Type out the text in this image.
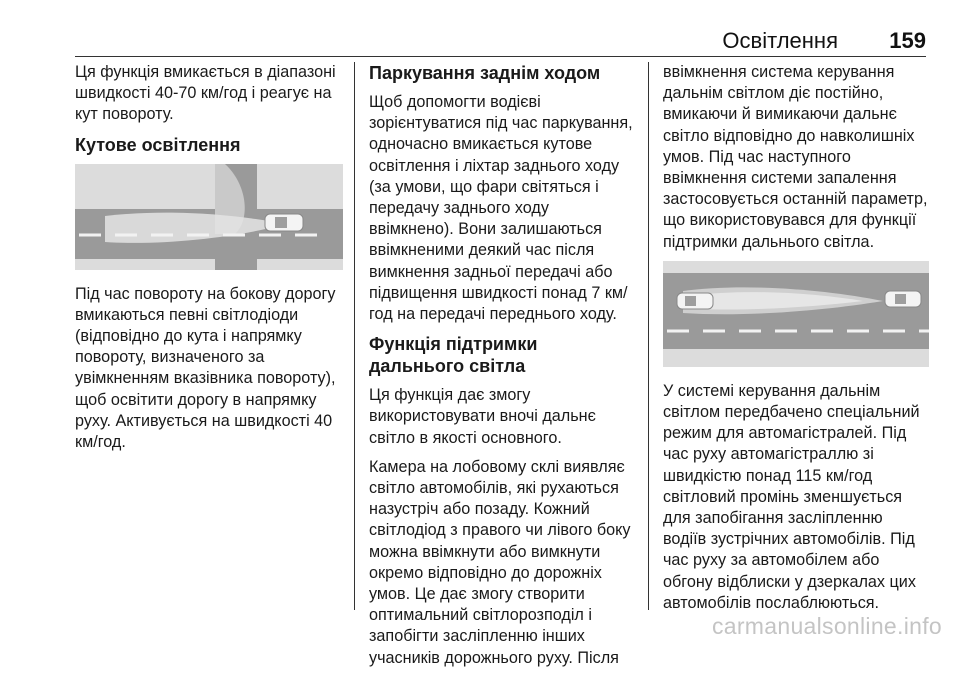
Освітлення 159

Ця функція вмикається в діапазоні швидкості 40-70 км/год і реагує на кут повороту.

Кутове освітлення

Під час повороту на бокову дорогу вмикаються певні світлодіоди (відповідно до кута і напрямку повороту, визначеного за увімкненням вказівника повороту), щоб освітити дорогу в напрямку руху. Активується на швидкості 40 км/год.

Паркування заднім ходом

Щоб допомогти водієві зорієнтуватися під час паркування, одночасно вмикається кутове освітлення і ліхтар заднього ходу (за умови, що фари світяться і передачу заднього ходу ввімкнено). Вони залишаються ввімкненими деякий час після вимкнення задньої передачі або підвищення швидкості понад 7 км/год на передачі переднього ходу.

Функція підтримки дальнього світла

Ця функція дає змогу використовувати вночі дальнє світло в якості основного.

Камера на лобовому склі виявляє світло автомобілів, які рухаються назустріч або позаду. Кожний світлодіод з правого чи лівого боку можна ввімкнути або вимкнути окремо відповідно до дорожніх умов. Це дає змогу створити оптимальний світлорозподіл і запобігти засліпленню інших учасників дорожнього руху. Після

ввімкнення система керування дальнім світлом діє постійно, вмикаючи й вимикаючи дальнє світло відповідно до навколишніх умов. Під час наступного ввімкнення системи запалення застосовується останній параметр, що використовувався для функції підтримки дальнього світла.

У системі керування дальнім світлом передбачено спеціальний режим для автомагістралей. Під час руху автомагістраллю зі швидкістю понад 115 км/год світловий промінь зменшується для запобігання засліпленню водіїв зустрічних автомобілів. Під час руху за автомобілем або обгону відблиски у дзеркалах цих автомобілів послаблюються.

carmanualsonline.info
